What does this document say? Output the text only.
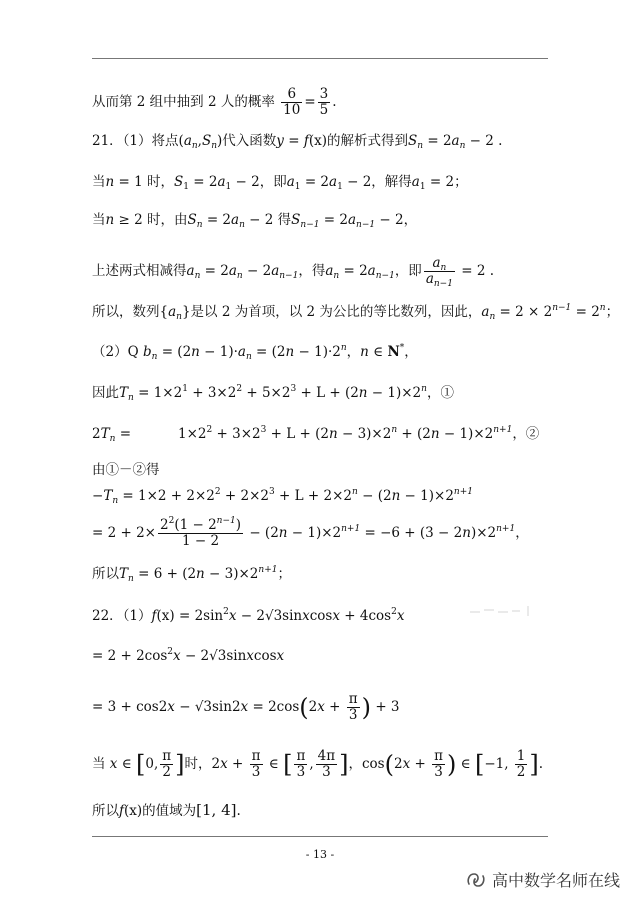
从而第 2 组中抽到 2 人的概率 $\frac{6}{10} = \frac{3}{5}$ .
21．（1）将点$(a_n,S_n)$代入函数y = f(x)的解析式得到$S_n = 2a_n - 2$ .
当n = 1 时，$S_1 = 2a_1 - 2$，即$a_1 = 2a_1 - 2$，解得$a_1 = 2$；
当n ≥ 2 时，由$S_n = 2a_n - 2$ 得$S_{n-1} = 2a_{n-1} - 2$，
上述两式相减得$a_n = 2a_n - 2a_{n-1}$，得$a_n = 2a_{n-1}$，即 $\frac{a_n}{a_{n-1}} = 2$ .
所以，数列$\{a_n\}$是以 2 为首项，以 2 为公比的等比数列，因此，$a_n = 2 \times 2^{n-1} = 2^n$；
（2）Q $b_n = (2n - 1)\cdot a_n = (2n - 1)\cdot 2^n$，n ∈ N*，
因此$T_n = 1\times 2^1 + 3\times 2^2 + 5\times 2^3 + L + (2n - 1)\times 2^n$，①
$2T_n$ =	$1\times 2^2 + 3\times 2^3 + L + (2n - 3)\times 2^n + (2n - 1)\times 2^{n+1}$，②
由①－②得
$-T_n = 1\times 2 + 2\times 2^2 + 2\times 2^3 + L + 2\times 2^n - (2n - 1)\times 2^{n+1}$
= $2 + 2\times \frac{2^2(1 - 2^{n-1})}{1 - 2} - (2n - 1)\times 2^{n+1} = -6 + (3 - 2n)\times 2^{n+1}$，
所以$T_n = 6 + (2n - 3)\times 2^{n+1}$；
22．$(1)f(x) = 2\sin^2x$ − 2√3sinxcosx + $4\cos^2x$
= $2 + 2\cos^2x$ − 2√3sinxcosx
= $3 + \cos 2x - √3\sin 2x = 2\cos(2x + \frac{\pi}{3}$ ) + 3
当 x ∈ [0, $\frac{\pi}{2}$ ]时，$2x + \frac{\pi}{3}$ ∈ [ $\frac{\pi}{3}$ , $\frac{4\pi}{3}$ ]，$\cos(2x + \frac{\pi}{3}$ ) ∈ [−1, $\frac{1}{2}$ ].
所以f(x)的值域为[1, 4].
- 13 -
高中数学名师在线
